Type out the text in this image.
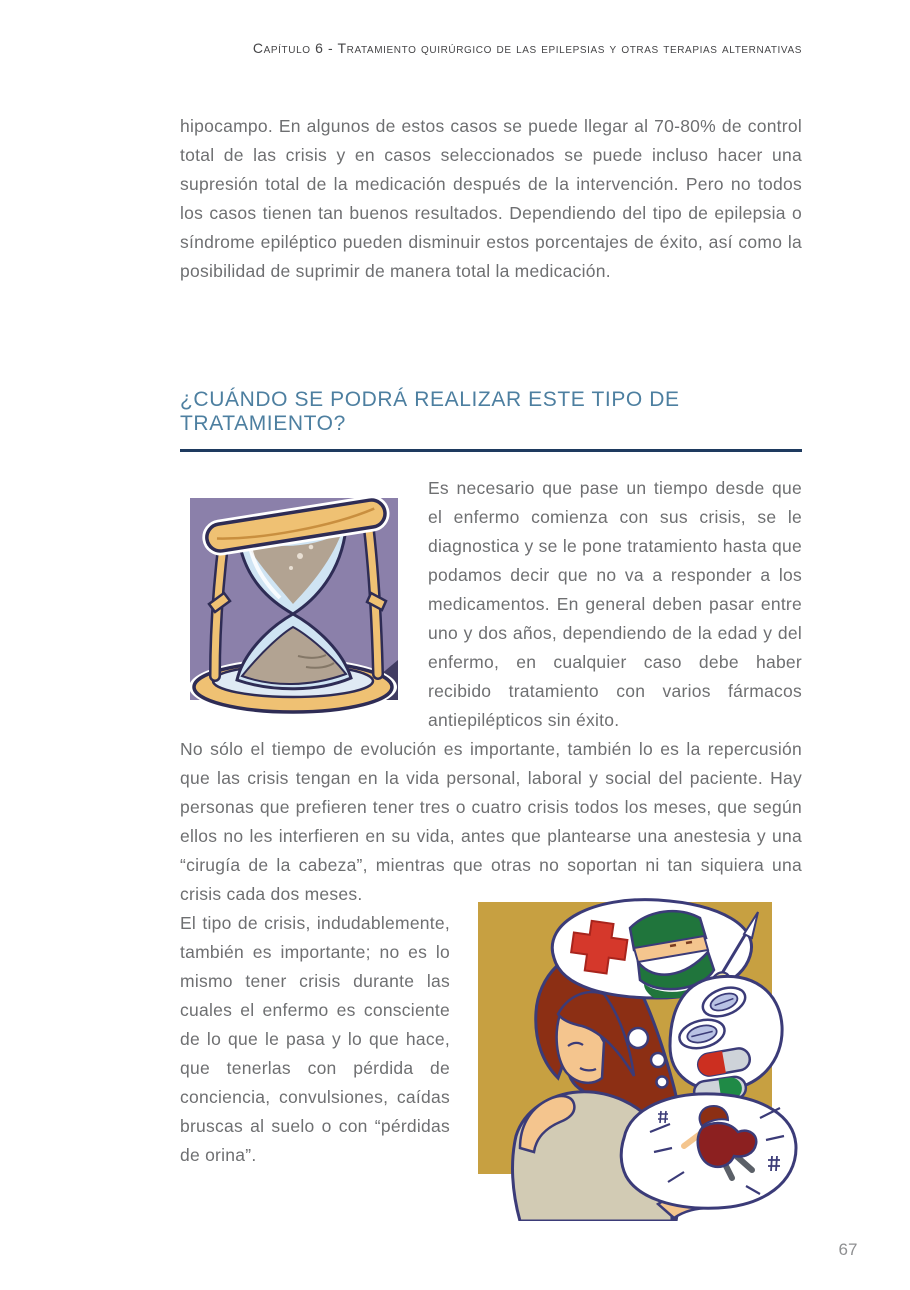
Capítulo 6 - Tratamiento quirúrgico de las epilepsias y otras terapias alternativas

hipocampo. En algunos de estos casos se puede llegar al 70-80% de control total de las crisis y en casos seleccionados se puede incluso hacer una supresión total de la medicación después de la intervención. Pero no todos los casos tienen tan buenos resultados. Dependiendo del tipo de epilepsia o síndrome epiléptico pueden disminuir estos porcentajes de éxito, así como la posibilidad de suprimir de manera total la medicación.

¿CUÁNDO SE PODRÁ REALIZAR ESTE TIPO DE TRATAMIENTO?

Es necesario que pase un tiempo desde que el enfermo comienza con sus crisis, se le diagnostica y se le pone tratamiento hasta que podamos decir que no va a responder a los medicamentos. En general deben pasar entre uno y dos años, dependiendo de la edad y del enfermo, en cualquier caso debe haber recibido tratamiento con varios fármacos antiepilépticos sin éxito.

No sólo el tiempo de evolución es importante, también lo es la repercusión que las crisis tengan en la vida personal, laboral y social del paciente. Hay personas que prefieren tener tres o cuatro crisis todos los meses, que según ellos no les interfieren en su vida, antes que plantearse una anestesia y una “cirugía de la cabeza”, mientras que otras no soportan ni tan siquiera una crisis cada dos meses.

El tipo de crisis, indudablemente, también es importante; no es lo mismo tener crisis durante las cuales el enfermo es consciente de lo que le pasa y lo que hace, que tenerlas con pérdida de conciencia, convulsiones, caídas bruscas al suelo o con “pérdidas de orina”.

67
